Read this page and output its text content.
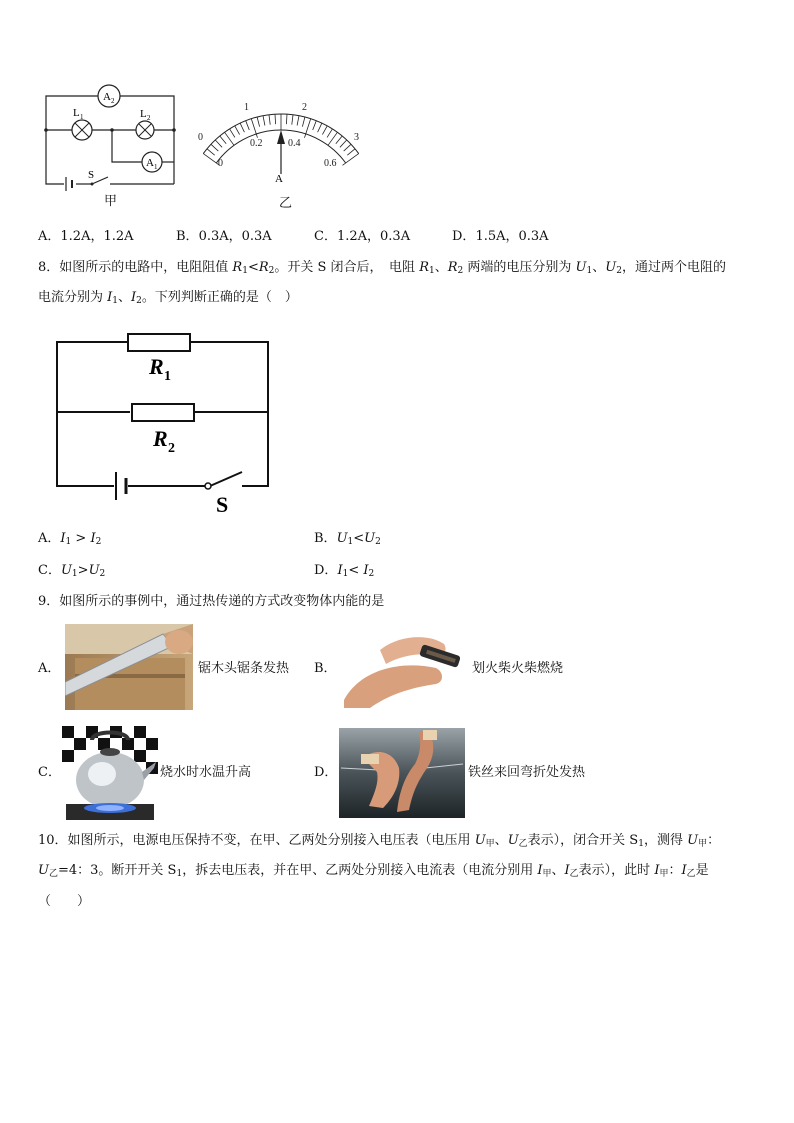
A 2
L 1	L 2
A 1
S
甲
A
0
1	2
3
0
0.2	0.4
0.6
乙
A．1.2A，1.2A	B．0.3A，0.3A	C．1.2A，0.3A	D．1.5A，0.3A
8．如图所示的电路中，电阻阻值 $R_1<R_2$。开关 S 闭合后，　电阻 $R_1$、$R_2$ 两端的电压分别为 $U_1$、$U_2$，通过两个电阻的
电流分别为 $I_1$、$I_2$。下列判断正确的是（　）
R 1
R 2
S
A．$I_1 > I_2$	B．$U_1<U_2$
C．$U_1>U_2$	D．$I_1< I_2$
9．如图所示的事例中，通过热传递的方式改变物体内能的是
A．	锯木头锯条发热 B．	划火柴火柴燃烧
C．	烧水时水温升高	D．	铁丝来回弯折处发热
10．如图所示，电源电压保持不变，在甲、乙两处分别接入电压表（电压用 $U_甲$、$U_乙$表示），闭合开关 $S_1$，测得 $U_甲$：
$U_乙=4$：3。断开开关 $S_1$，拆去电压表，并在甲、乙两处分别接入电流表（电流分别用 $I_甲$、$I_乙$表示），此时 $I_甲$：$I_乙$是
（　　）
